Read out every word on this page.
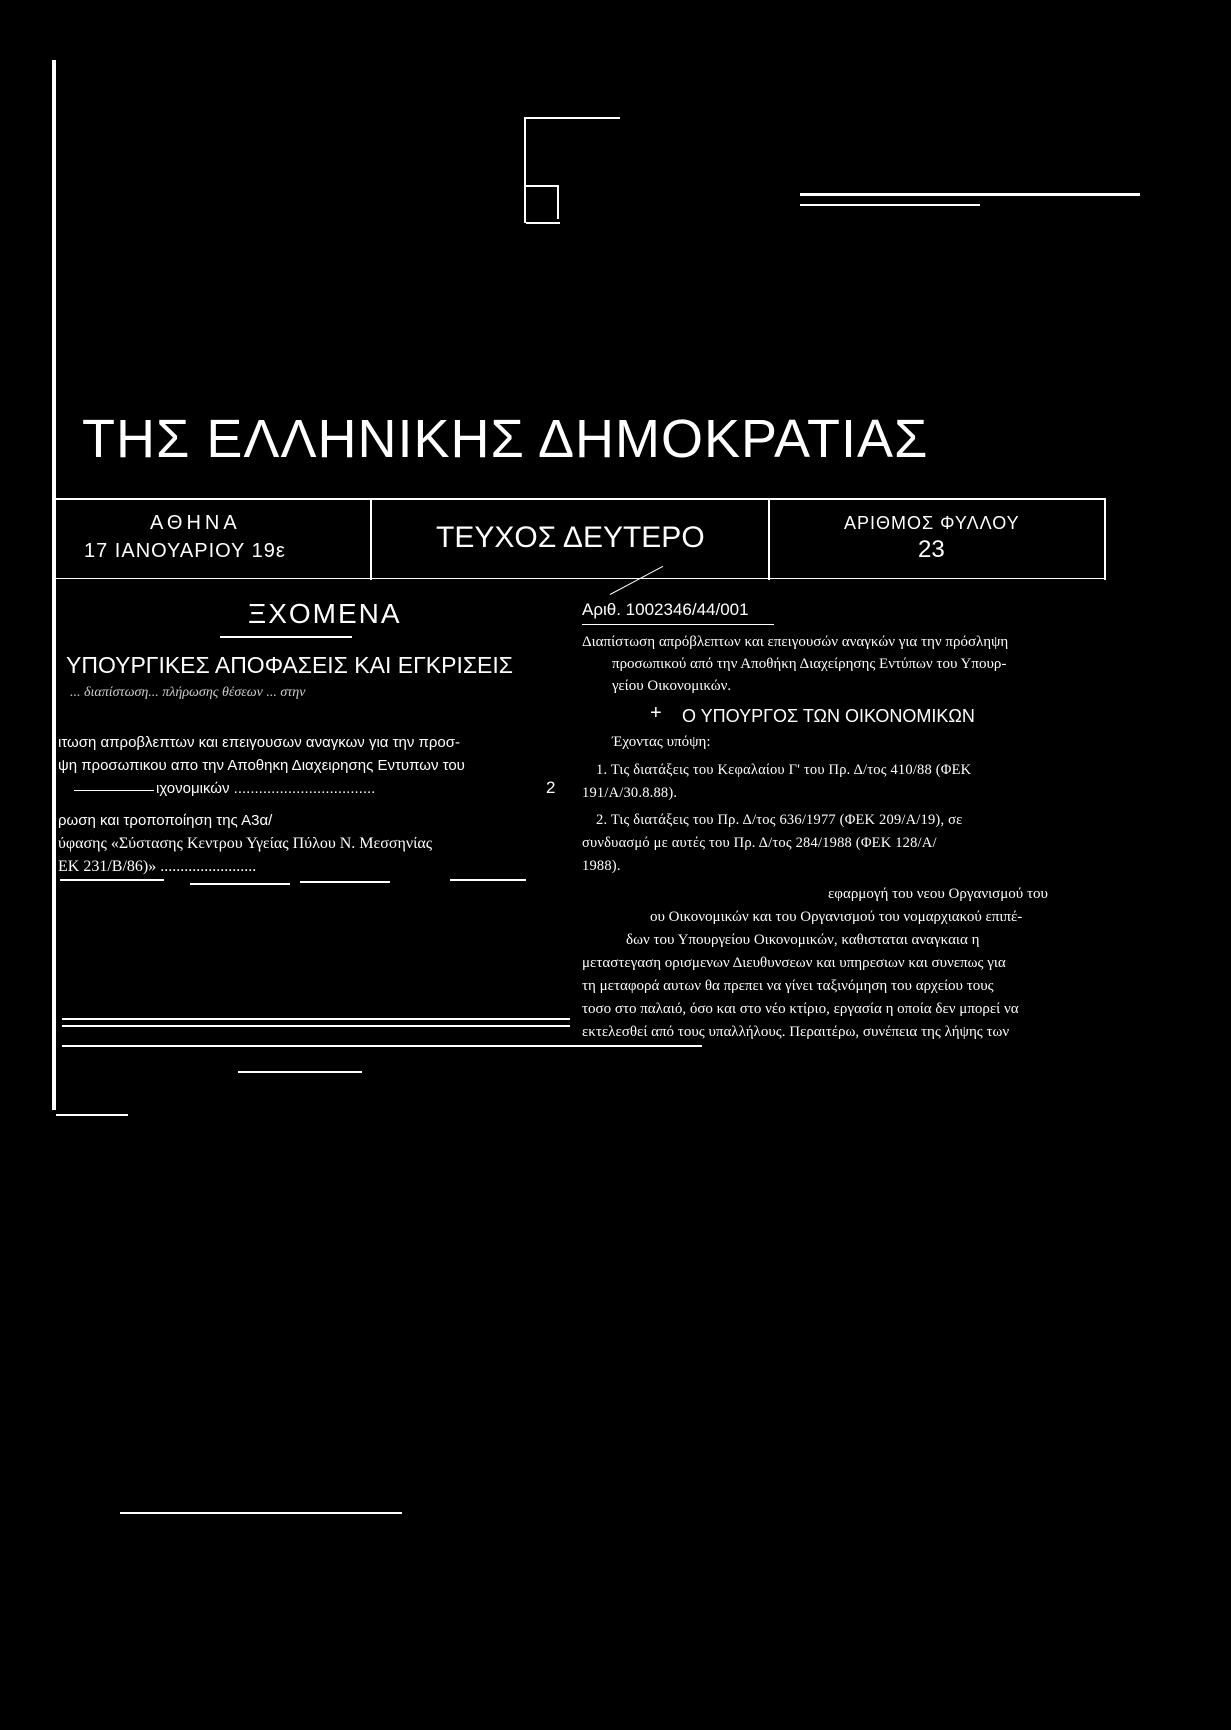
ΤΗΣ ΕΛΛΗΝΙΚΗΣ ΔΗΜΟΚΡΑΤΙΑΣ
ΑΘΗΝΑ
17 ΙΑΝΟΥΑΡΙΟΥ 19ε	ΤΕΥΧΟΣ ΔΕΥΤΕΡΟ	ΑΡΙΘΜΟΣ ΦΥΛΛΟΥ
23
ΞΧΟΜΕΝΑ
ΥΠΟΥΡΓΙΚΕΣ ΑΠΟΦΑΣΕΙΣ ΚΑΙ ΕΓΚΡΙΣΕΙΣ
... διαπίστωση... πλήρωσης θέσεων ... στην
ιτωση απροβλεπτων και επειγουσων αναγκων για την προσ-
ψη προσωπικου απο την Αποθηκη Διαχειρησης Εντυπων του
ιχονομικών ..................................	2
ρωση και τροποποίηση της Α3α/
ύφασης «Σύστασης Κεντρου Υγείας Πύλου Ν. Μεσσηνίας
ΕΚ 231/Β/86)» ........................
Αριθ. 1002346/44/001
Διαπίστωση απρόβλεπτων και επειγουσών αναγκών για την πρόσληψη
προσωπικού από την Αποθήκη Διαχείρησης Εντύπων του Υπουρ-
γείου Οικονομικών.
Ο ΥΠΟΥΡΓΟΣ ΤΩΝ ΟΙΚΟΝΟΜΙΚΩΝ
+
Έχοντας υπόψη:
1. Τις διατάξεις του Κεφαλαίου Γ' του Πρ. Δ/τος 410/88 (ΦΕΚ
191/Α/30.8.88).
2. Τις διατάξεις του Πρ. Δ/τος 636/1977 (ΦΕΚ 209/Α/19), σε
συνδυασμό με αυτές του Πρ. Δ/τος 284/1988 (ΦΕΚ 128/Α/
1988).
εφαρμογή του νεου Οργανισμού του
ου Οικονομικών και του Οργανισμού του νομαρχιακού επιπέ-
δων του Υπουργείου Οικονομικών, καθισταται αναγκαια η
μεταστεγαση ορισμενων Διευθυνσεων και υπηρεσιων και συνεπως για
τη μεταφορά αυτων θα πρεπει να γίνει ταξινόμηση του αρχείου τους
τοσο στο παλαιό, όσο και στο νέο κτίριο, εργασία η οποία δεν μπορεί να
εκτελεσθεί από τους υπαλλήλους. Περαιτέρω, συνέπεια της λήψης των
